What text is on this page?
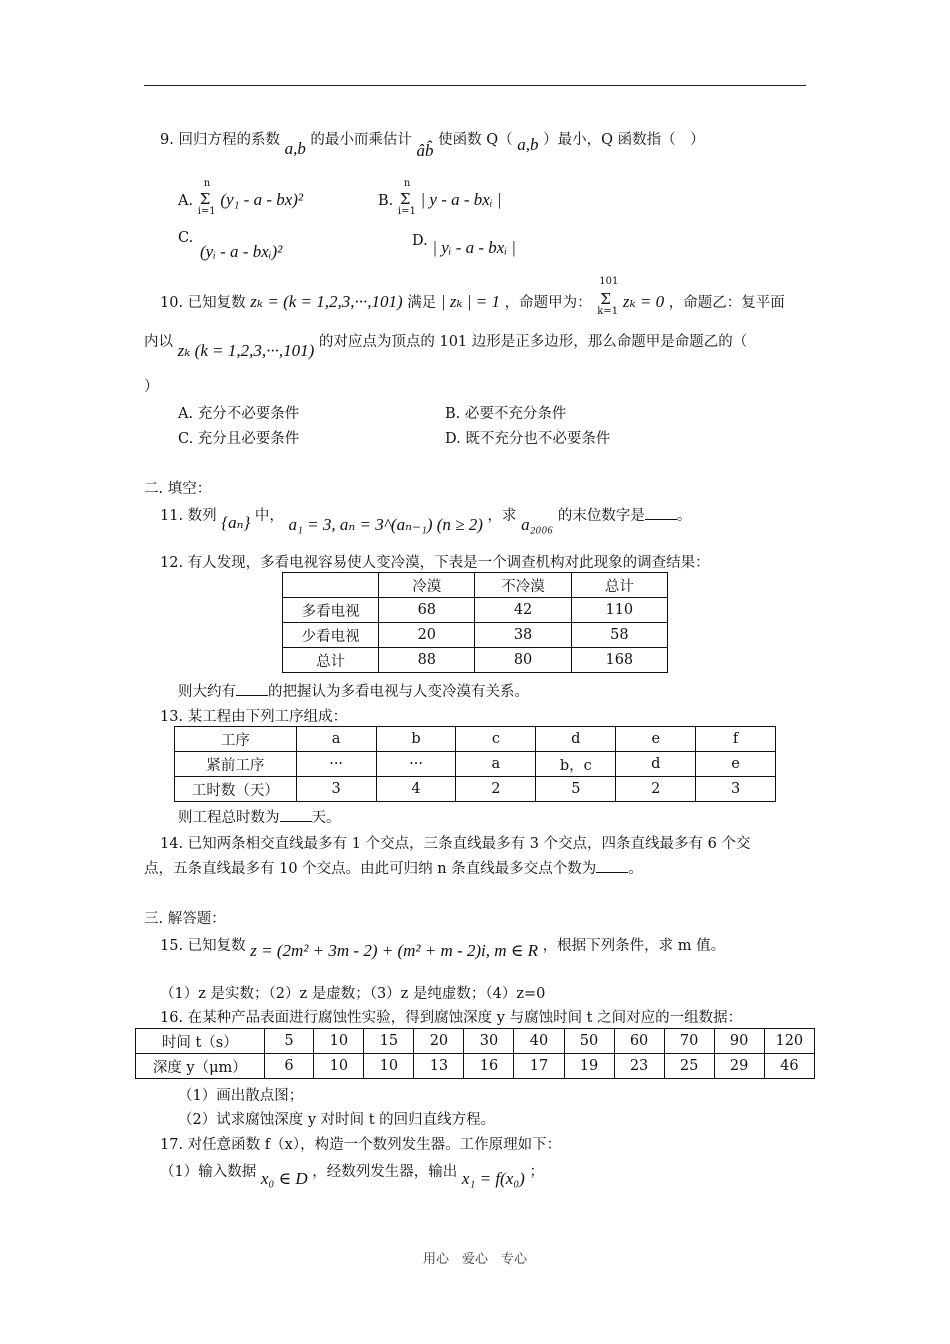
9. 回归方程的系数 a,b 的最小而乘估计 âb̂ 使函数 Q（ a,b ）最小，Q 函数指（　）
A.
n
Σ
i=1
(y₁ - a - bx)²	B.
n
Σ
i=1
| y - a - bxᵢ |
C.
(yᵢ - a - bxᵢ)²
D. | yᵢ - a - bxᵢ |
10. 已知复数 zₖ = (k = 1,2,3,···,101) 满足 | zₖ | = 1 ，命题甲为：
101
Σ
k=1
zₖ = 0 ，命题乙：复平面
内以 zₖ (k = 1,2,3,···,101) 的对应点为顶点的 101 边形是正多边形，那么命题甲是命题乙的（
）
A. 充分不必要条件	B. 必要不充分条件
C. 充分且必要条件	D. 既不充分也不必要条件
二. 填空：
11. 数列 {aₙ} 中， a₁ = 3, aₙ = 3^(aₙ₋₁) (n ≥ 2) ，求 a₂₀₀₆ 的末位数字是 。
12. 有人发现，多看电视容易使人变冷漠，下表是一个调查机构对此现象的调查结果：
	冷漠	不冷漠	总计
多看电视	68	42	110
少看电视	20	38	58
总计	88	80	168
则大约有 的把握认为多看电视与人变冷漠有关系。
13. 某工程由下列工序组成：
工序	a	b	c	d	e	f
紧前工序	···	···	a	b，c	d	e
工时数（天）	3	4	2	5	2	3
则工程总时数为 天。
14. 已知两条相交直线最多有 1 个交点，三条直线最多有 3 个交点，四条直线最多有 6 个交
点，五条直线最多有 10 个交点。由此可归纳 n 条直线最多交点个数为 。
三. 解答题：
15. 已知复数 z = (2m² + 3m - 2) + (m² + m - 2)i, m ∈ R ，根据下列条件，求 m 值。
（1）z 是实数；（2）z 是虚数；（3）z 是纯虚数；（4）z=0
16. 在某种产品表面进行腐蚀性实验，得到腐蚀深度 y 与腐蚀时间 t 之间对应的一组数据：
时间 t（s）	5	10	15	20	30	40	50	60	70	90	120
深度 y（μm）	6	10	10	13	16	17	19	23	25	29	46
（1）画出散点图；
（2）试求腐蚀深度 y 对时间 t 的回归直线方程。
17. 对任意函数 f（x），构造一个数列发生器。工作原理如下：
（1）输入数据 x₀ ∈ D ，经数列发生器，输出 x₁ = f(x₀) ；
用心　爱心　专心
